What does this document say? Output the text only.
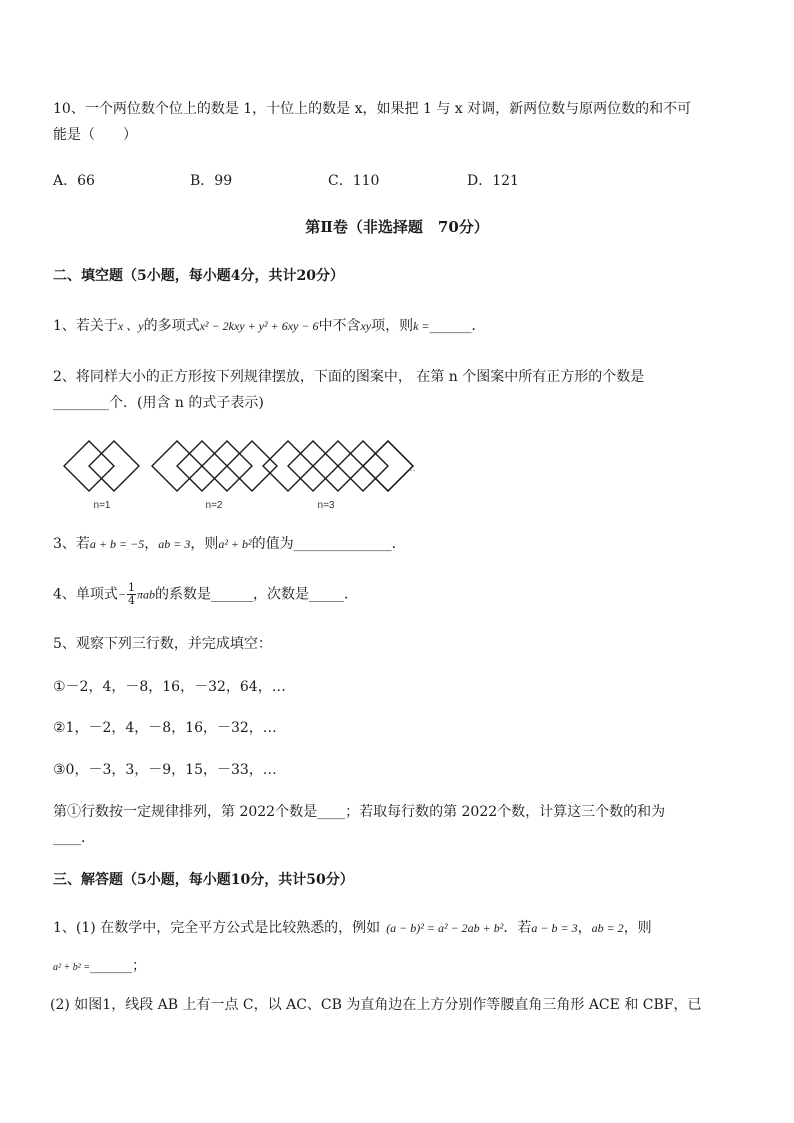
10、一个两位数个位上的数是 1，十位上的数是 x，如果把 1 与 x 对调，新两位数与原两位数的和不可
能是（　　）
A．66	B．99	C．110	D．121
第Ⅱ卷（非选择题　70分）
二、填空题（5小题，每小题4分，共计20分）
1、若关于x 、y的多项式x² − 2kxy + y² + 6xy − 6中不含xy项，则k =______．
2、将同样大小的正方形按下列规律摆放，下面的图案中， 在第 n 个图案中所有正方形的个数是
________个．(用含 n 的式子表示)
n=1	n=2	n=3
…
3、若a + b = −5，ab = 3，则a² + b²的值为______________．
4、单项式− $\frac{1}{4}$ πab的系数是______，次数是_____．
5、观察下列三行数，并完成填空：
①－2，4，－8，16，－32，64，…
②1，－2，4，－8，16，－32，…
③0，－3，3，－9，15，－33，…
第①行数按一定规律排列，第 2022个数是____；若取每行数的第 2022个数，计算这三个数的和为
____．
三、解答题（5小题，每小题10分，共计50分）
1、(1) 在数学中，完全平方公式是比较熟悉的，例如 (a − b)² = a² − 2ab + b²．若a − b = 3，ab = 2，则
a² + b² =______；
(2) 如图1，线段 AB 上有一点 C，以 AC、CB 为直角边在上方分别作等腰直角三角形 ACE 和 CBF，已
